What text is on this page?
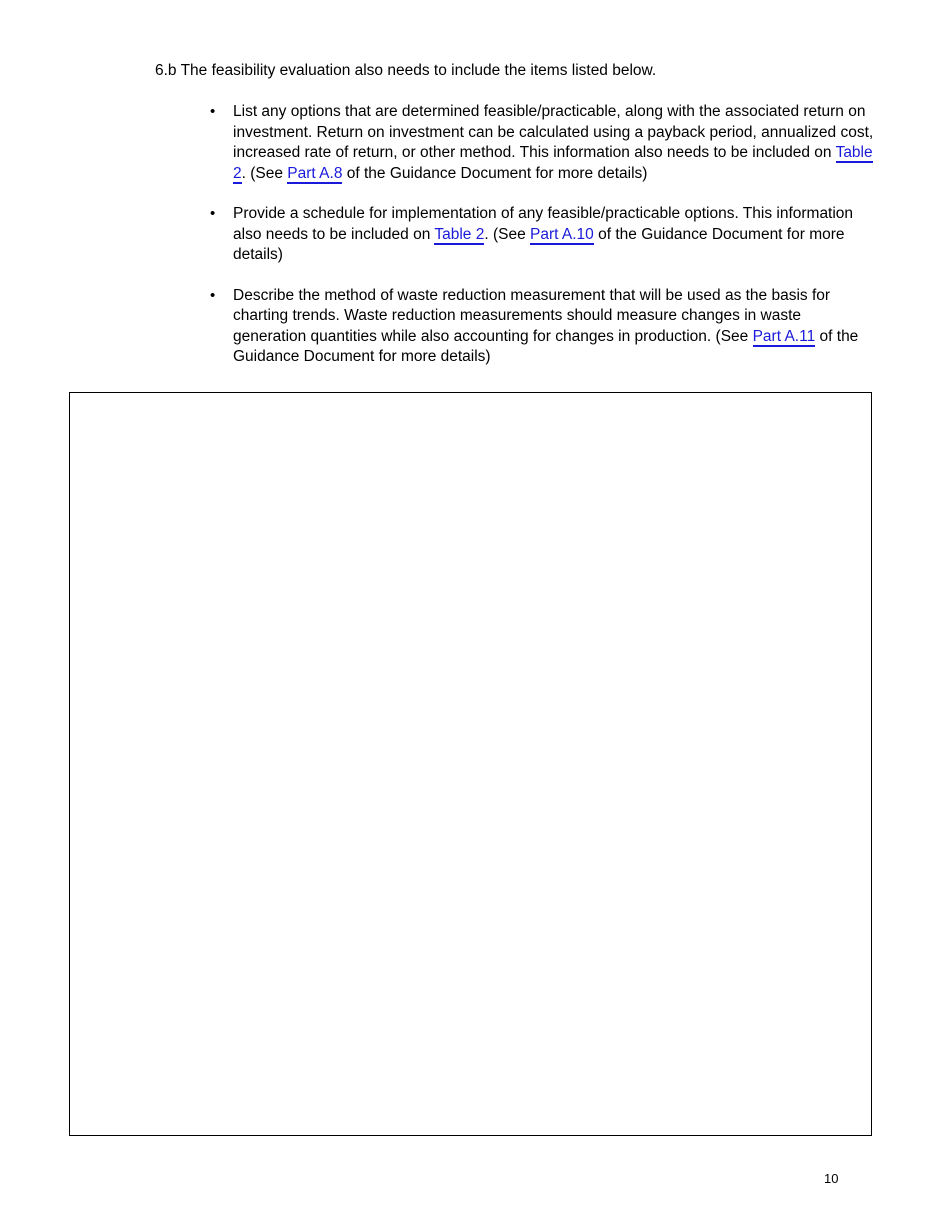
6.b The feasibility evaluation also needs to include the items listed below.
•	List any options that are determined feasible/practicable, along with the associated return on investment. Return on investment can be calculated using a payback period, annualized cost, increased rate of return, or other method. This information also needs to be included on Table 2. (See Part A.8 of the Guidance Document for more details)
•	Provide a schedule for implementation of any feasible/practicable options. This information also needs to be included on Table 2. (See Part A.10 of the Guidance Document for more details)
•	Describe the method of waste reduction measurement that will be used as the basis for charting trends. Waste reduction measurements should measure changes in waste generation quantities while also accounting for changes in production. (See Part A.11 of the Guidance Document for more details)
10
